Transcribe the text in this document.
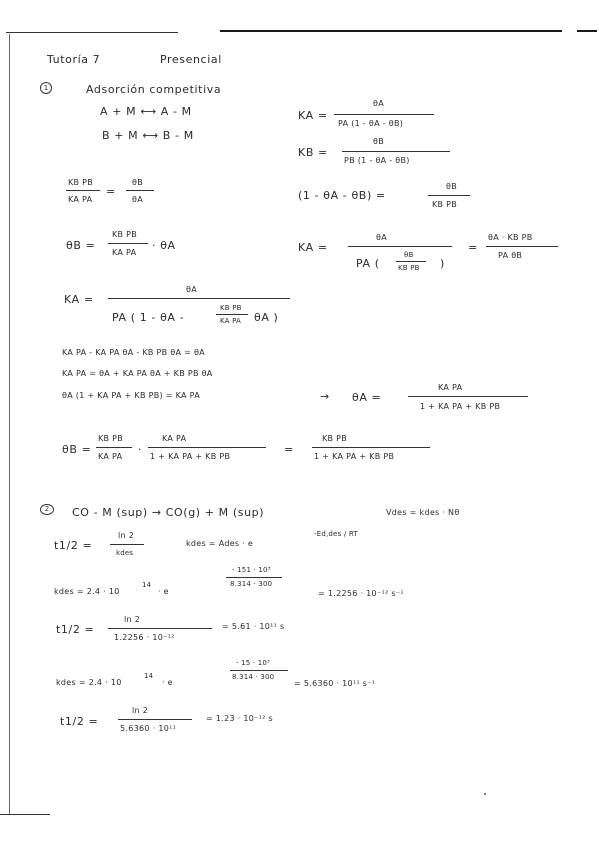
Tutoría 7	Presencial
1	Adsorción competitiva
A + M ⟷ A - M
B + M ⟷ B - M
KA =
θA
PA (1 - θA - θB)
KB =
θB
PB (1 - θA - θB)
KB PB
KA PA
=
θB
θA	(1 - θA - θB) =
θB
KB PB
θB =
KB PB
KA PA
· θA	KA =
θA
PA (
θB
KB PB )
=
θA · KB PB
PA θB
KA =
θA
PA ( 1 - θA -
KB PB
KA PA θA )
KA PA - KA PA θA - KB PB θA = θA
KA PA = θA + KA PA θA + KB PB θA
θA (1 + KA PA + KB PB) = KA PA	→ θA =
KA PA
1 + KA PA + KB PB
θB =
KB PB
KA PA
·
KA PA
1 + KA PA + KB PB
=
KB PB
1 + KA PA + KB PB
2	CO - M (sup) → CO(g) + M (sup)	Vdes = kdes · Nθ
t1/2 =
ln 2
kdes
kdes = Ades · e
-Ed,des / RT
kdes = 2.4 · 10
14
· e
- 151 · 10³
8.314 · 300
= 1.2256 · 10⁻¹² s⁻¹
t1/2 =
ln 2
1.2256 · 10⁻¹²
= 5.61 · 10¹¹ s
kdes = 2.4 · 10
14
· e
- 15 · 10³
8.314 · 300
= 5.6360 · 10¹¹ s⁻¹
t1/2 =
ln 2
5.6360 · 10¹¹
= 1.23 · 10⁻¹² s
